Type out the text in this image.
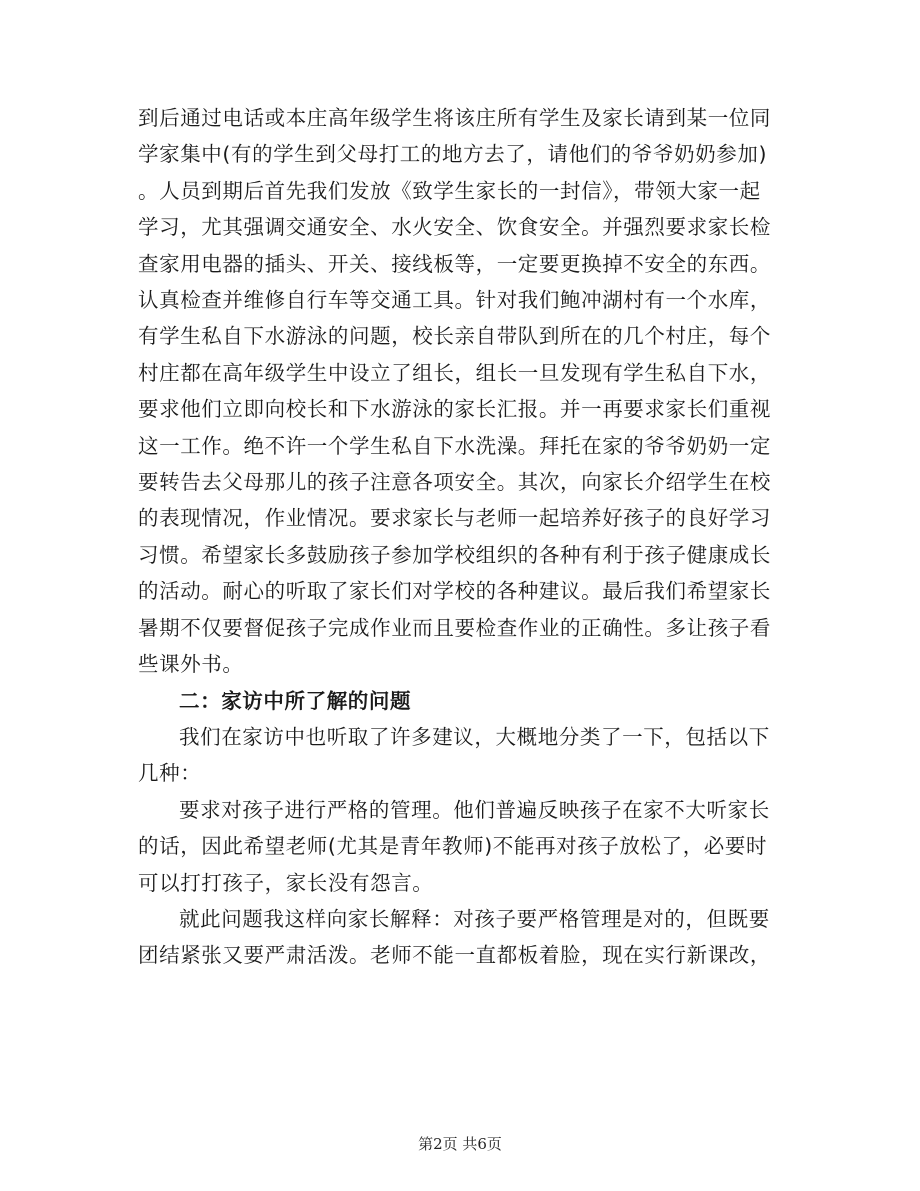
到后通过电话或本庄高年级学生将该庄所有学生及家长请到某一位同
学家集中(有的学生到父母打工的地方去了，请他们的爷爷奶奶参加)
。人员到期后首先我们发放《致学生家长的一封信》，带领大家一起
学习，尤其强调交通安全、水火安全、饮食安全。并强烈要求家长检
查家用电器的插头、开关、接线板等，一定要更换掉不安全的东西。
认真检查并维修自行车等交通工具。针对我们鲍冲湖村有一个水库，
有学生私自下水游泳的问题，校长亲自带队到所在的几个村庄，每个
村庄都在高年级学生中设立了组长，组长一旦发现有学生私自下水，
要求他们立即向校长和下水游泳的家长汇报。并一再要求家长们重视
这一工作。绝不许一个学生私自下水洗澡。拜托在家的爷爷奶奶一定
要转告去父母那儿的孩子注意各项安全。其次，向家长介绍学生在校
的表现情况，作业情况。要求家长与老师一起培养好孩子的良好学习
习惯。希望家长多鼓励孩子参加学校组织的各种有利于孩子健康成长
的活动。耐心的听取了家长们对学校的各种建议。最后我们希望家长
暑期不仅要督促孩子完成作业而且要检查作业的正确性。多让孩子看
些课外书。

二：家访中所了解的问题

我们在家访中也听取了许多建议，大概地分类了一下，包括以下
几种：

要求对孩子进行严格的管理。他们普遍反映孩子在家不大听家长
的话，因此希望老师(尤其是青年教师)不能再对孩子放松了，必要时
可以打打孩子，家长没有怨言。

就此问题我这样向家长解释：对孩子要严格管理是对的，但既要
团结紧张又要严肃活泼。老师不能一直都板着脸，现在实行新课改，

第2页 共6页
